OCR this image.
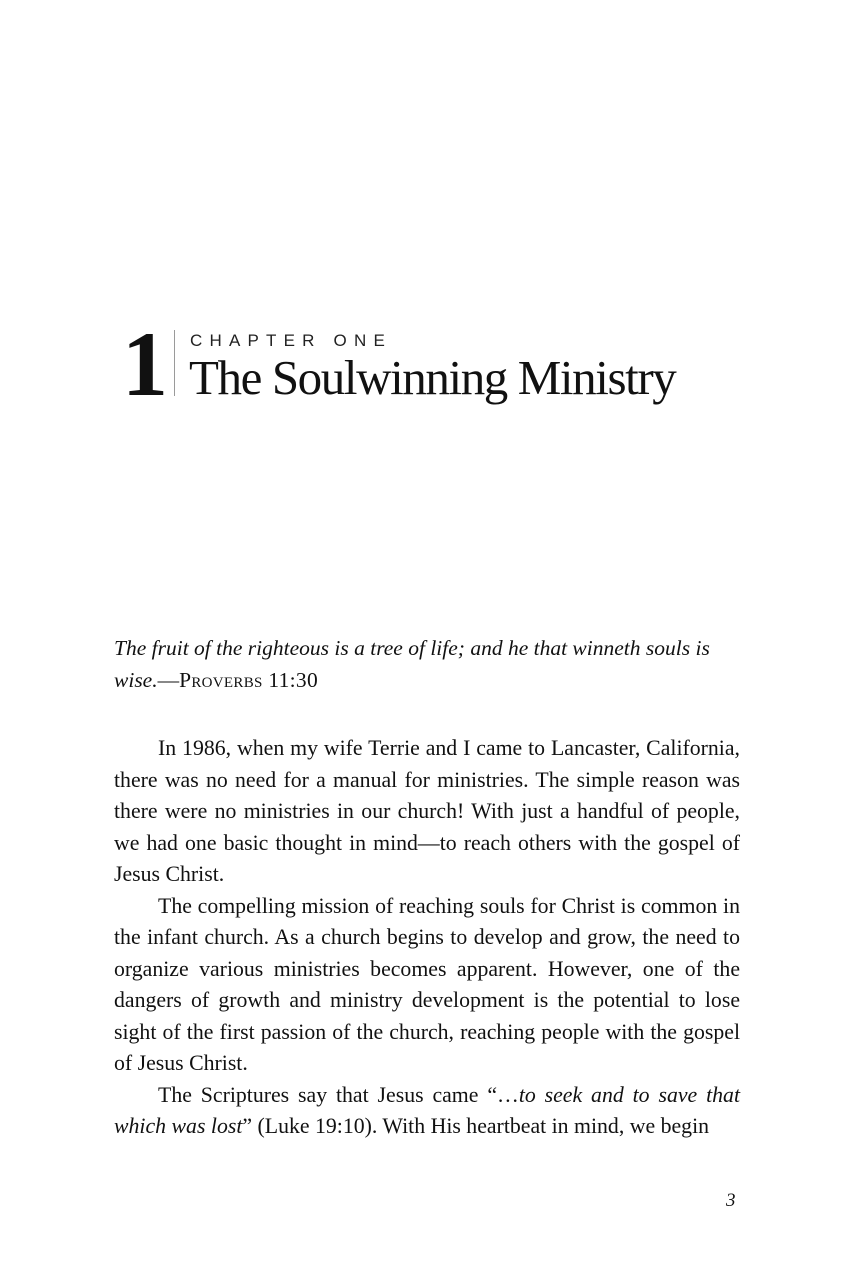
1 CHAPTER ONE
The Soulwinning Ministry
The fruit of the righteous is a tree of life; and he that winneth souls is wise.—Proverbs 11:30

In 1986, when my wife Terrie and I came to Lancaster, California, there was no need for a manual for ministries. The simple reason was there were no ministries in our church! With just a handful of people, we had one basic thought in mind—to reach others with the gospel of Jesus Christ.

The compelling mission of reaching souls for Christ is common in the infant church. As a church begins to develop and grow, the need to organize various ministries becomes apparent. However, one of the dangers of growth and ministry development is the potential to lose sight of the first passion of the church, reaching people with the gospel of Jesus Christ.

The Scriptures say that Jesus came “…to seek and to save that which was lost” (Luke 19:10). With His heartbeat in mind, we begin

3
